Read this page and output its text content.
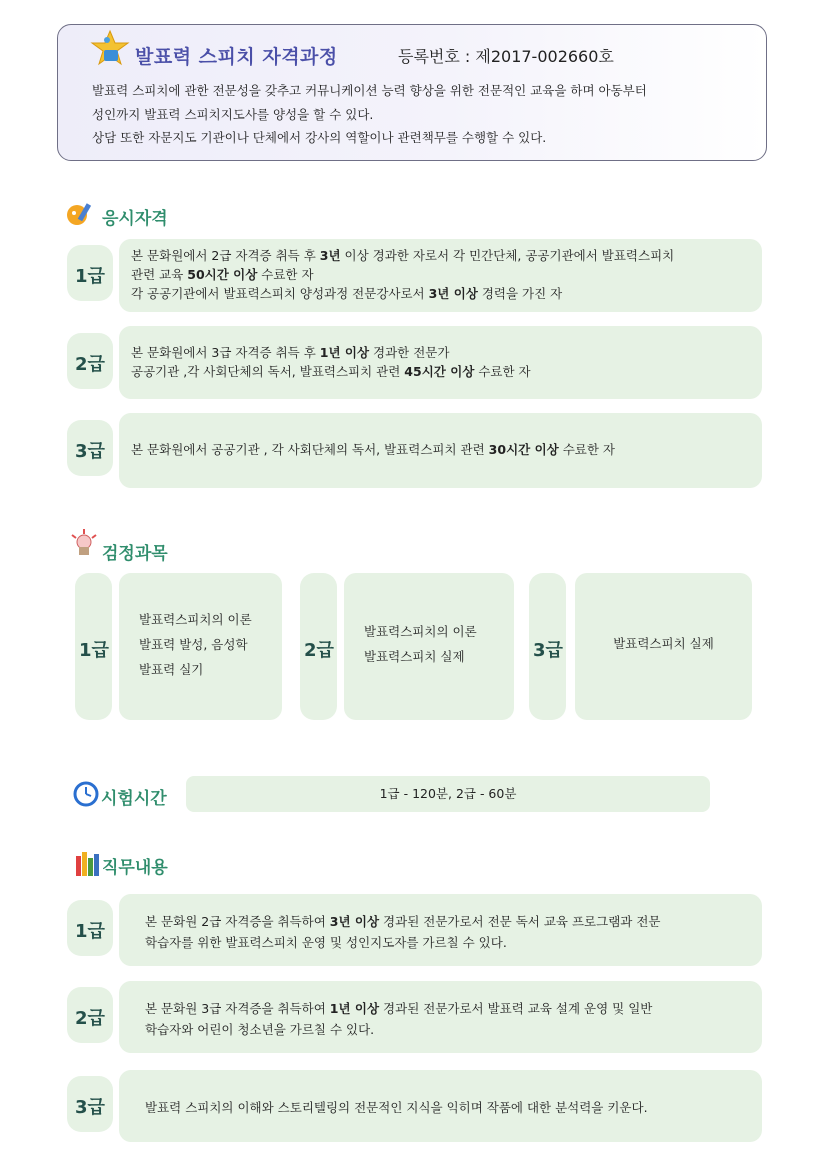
발표력 스피치 자격과정	등록번호 : 제2017-002660호
발표력 스피치에 관한 전문성을 갖추고 커뮤니케이션 능력 향상을 위한 전문적인 교육을 하며 아동부터
성인까지 발표력 스피치지도사를 양성을 할 수 있다.
상담 또한 자문지도 기관이나 단체에서 강사의 역할이나 관련책무를 수행할 수 있다.
응시자격
1급
본 문화원에서 2급 자격증 취득 후 3년 이상 경과한 자로서 각 민간단체, 공공기관에서 발표력스피치
관련 교육 50시간 이상 수료한 자
각 공공기관에서 발표력스피치 양성과정 전문강사로서 3년 이상 경력을 가진 자
2급
본 문화원에서 3급 자격증 취득 후 1년 이상 경과한 전문가
공공기관 ,각 사회단체의 독서, 발표력스피치 관련 45시간 이상 수료한 자
3급	본 문화원에서 공공기관 , 각 사회단체의 독서, 발표력스피치 관련 30시간 이상 수료한 자
검정과목
1급
발표력스피치의 이론
발표력 발성, 음성학
발표력 실기
2급
발표력스피치의 이론
발표력스피치 실제	3급	발표력스피치 실제
시험시간	1급 - 120분, 2급 - 60분
직무내용
1급	본 문화원 2급 자격증을 취득하여 3년 이상 경과된 전문가로서 전문 독서 교육 프로그램과 전문
학습자를 위한 발표력스피치 운영 및 성인지도자를 가르칠 수 있다.
2급	본 문화원 3급 자격증을 취득하여 1년 이상 경과된 전문가로서 발표력 교육 설계 운영 및 일반
학습자와 어린이 청소년을 가르칠 수 있다.
3급	발표력 스피치의 이해와 스토리텔링의 전문적인 지식을 익히며 작품에 대한 분석력을 키운다.
